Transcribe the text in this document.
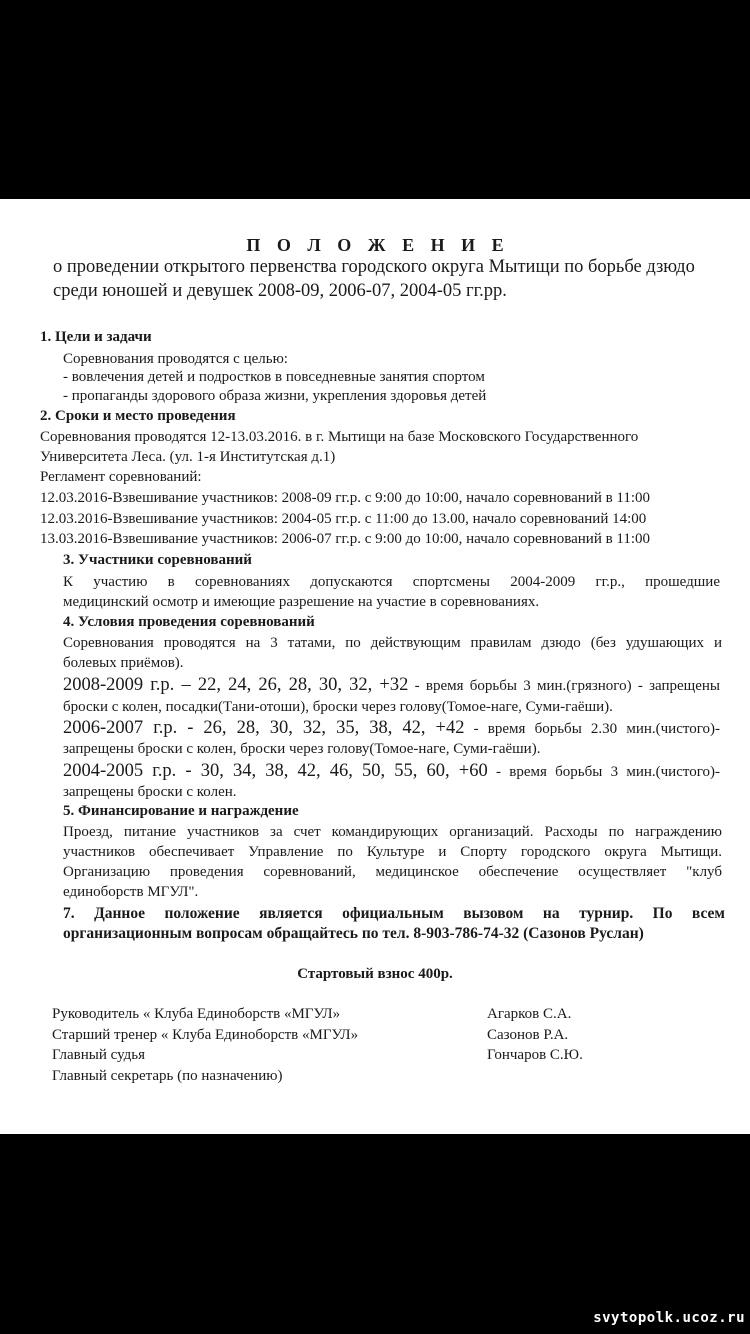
П О Л О Ж Е Н И Е
о проведении открытого первенства городского округа Мытищи по борьбе дзюдо
среди юношей и девушек 2008-09, 2006-07, 2004-05 гг.рр.
1. Цели и задачи
Соревнования проводятся с целью:
- вовлечения детей и подростков в повседневные занятия спортом
- пропаганды здорового образа жизни, укрепления здоровья детей
2. Сроки и место проведения
Соревнования проводятся 12-13.03.2016. в г. Мытищи на базе Московского Государственного
Университета Леса. (ул. 1-я Институтская д.1)
Регламент соревнований:
12.03.2016-Взвешивание участников: 2008-09 гг.р. с 9:00 до 10:00, начало соревнований в 11:00
12.03.2016-Взвешивание участников: 2004-05 гг.р. с 11:00 до 13.00, начало соревнований 14:00
13.03.2016-Взвешивание участников: 2006-07 гг.р. с 9:00 до 10:00, начало соревнований в 11:00
3. Участники соревнований
К участию в соревнованиях допускаются спортсмены 2004-2009 гг.р., прошедшие
медицинский осмотр и имеющие разрешение на участие в соревнованиях.
4. Условия проведения соревнований
Соревнования проводятся на 3 татами, по действующим правилам дзюдо (без удушающих и
болевых приёмов).
2008-2009 г.р. – 22, 24, 26, 28, 30, 32, +32 - время борьбы 3 мин.(грязного) - запрещены
броски с колен, посадки(Тани-отоши), броски через голову(Томое-наге, Суми-гаёши).
2006-2007 г.р. - 26, 28, 30, 32, 35, 38, 42, +42 - время борьбы 2.30 мин.(чистого)-
запрещены броски с колен, броски через голову(Томое-наге, Суми-гаёши).
2004-2005 г.р. - 30, 34, 38, 42, 46, 50, 55, 60, +60 - время борьбы 3 мин.(чистого)-
запрещены броски с колен.
5. Финансирование и награждение
Проезд, питание участников за счет командирующих организаций. Расходы по награждению
участников обеспечивает Управление по Культуре и Спорту городского округа Мытищи.
Организацию проведения соревнований, медицинское обеспечение осуществляет "клуб
единоборств МГУЛ".
7. Данное положение является официальным вызовом на турнир. По всем
организационным вопросам обращайтесь по тел. 8-903-786-74-32 (Сазонов Руслан)
Стартовый взнос 400р.
Руководитель « Клуба Единоборств «МГУЛ»	Агарков С.А.
Старший тренер « Клуба Единоборств «МГУЛ»	Сазонов Р.А.
Главный судья	Гончаров С.Ю.
Главный секретарь (по назначению)
svytopolk.ucoz.ru
